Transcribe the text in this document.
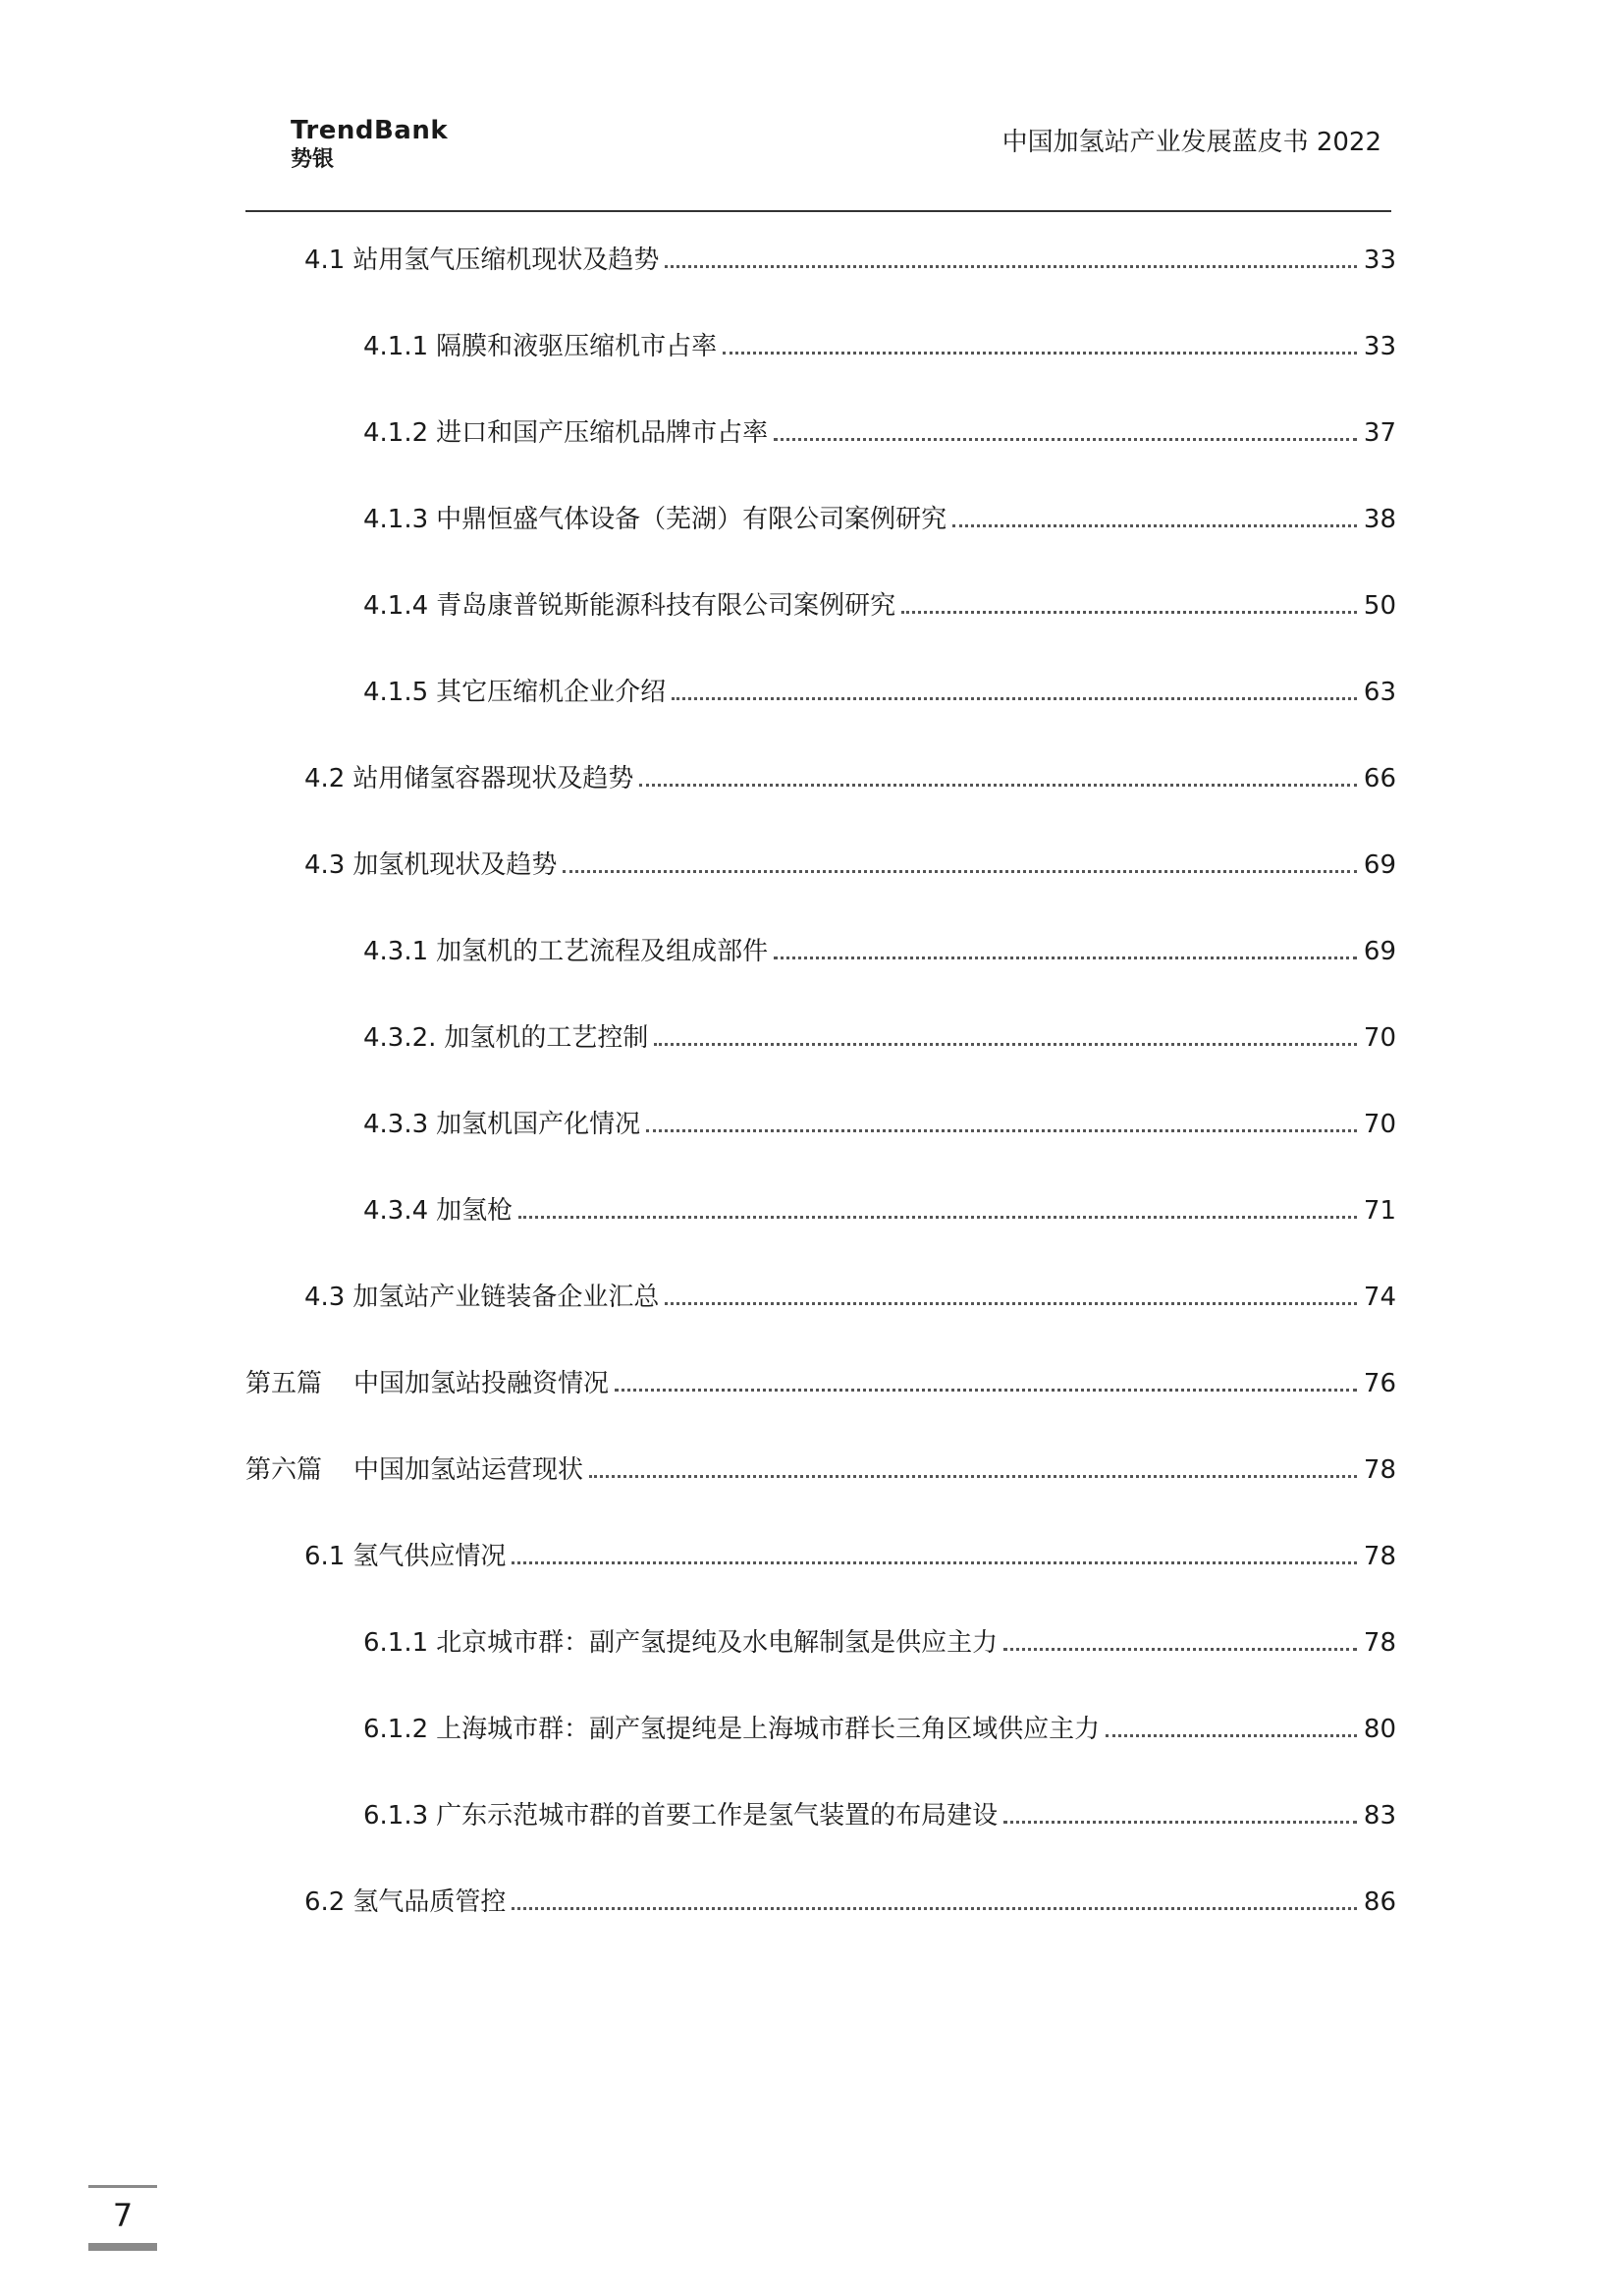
TrendBank
势银
中国加氢站产业发展蓝皮书 2022
4.1 站用氢气压缩机现状及趋势	33
4.1.1 隔膜和液驱压缩机市占率	33
4.1.2 进口和国产压缩机品牌市占率	37
4.1.3 中鼎恒盛气体设备（芜湖）有限公司案例研究	38
4.1.4 青岛康普锐斯能源科技有限公司案例研究	50
4.1.5 其它压缩机企业介绍	63
4.2 站用储氢容器现状及趋势	66
4.3 加氢机现状及趋势	69
4.3.1 加氢机的工艺流程及组成部件	69
4.3.2. 加氢机的工艺控制	70
4.3.3 加氢机国产化情况	70
4.3.4 加氢枪	71
4.3 加氢站产业链装备企业汇总	74
第五篇	中国加氢站投融资情况	76
第六篇	中国加氢站运营现状	78
6.1 氢气供应情况	78
6.1.1 北京城市群：副产氢提纯及水电解制氢是供应主力	78
6.1.2 上海城市群：副产氢提纯是上海城市群长三角区域供应主力	80
6.1.3 广东示范城市群的首要工作是氢气装置的布局建设	83
6.2 氢气品质管控	86
7
